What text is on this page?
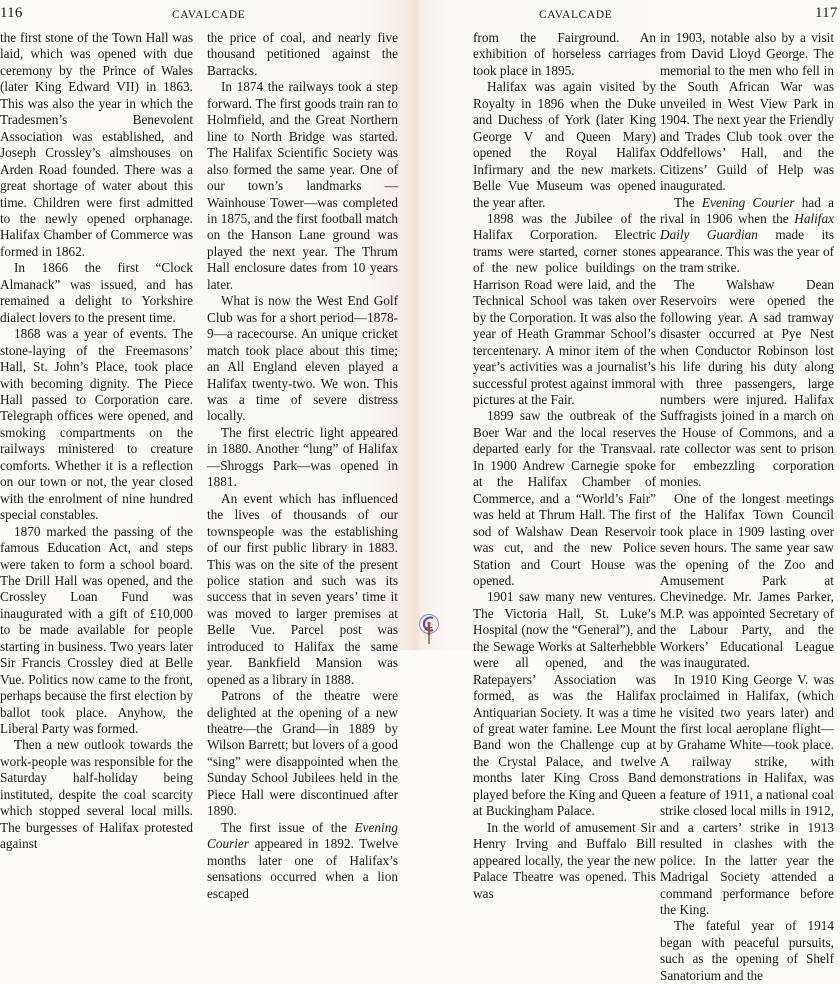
116	CAVALCADE

the first stone of the Town Hall was laid, which was opened with due ceremony by the Prince of Wales (later King Edward VII) in 1863. This was also the year in which the Tradesmen’s Benevolent Association was established, and Joseph Crossley’s almshouses on Arden Road founded. There was a great shortage of water about this time. Children were first admitted to the newly opened orphanage. Halifax Chamber of Commerce was formed in 1862.

In 1866 the first “Clock Almanack” was issued, and has remained a delight to Yorkshire dialect lovers to the present time.

1868 was a year of events. The stone-laying of the Freemasons’ Hall, St. John’s Place, took place with becoming dignity. The Piece Hall passed to Corporation care. Telegraph offices were opened, and smoking compartments on the railways ministered to creature comforts. Whether it is a reflection on our town or not, the year closed with the enrolment of nine hundred special constables.

1870 marked the passing of the famous Education Act, and steps were taken to form a school board. The Drill Hall was opened, and the Crossley Loan Fund was inaugurated with a gift of £10,000 to be made available for people starting in business. Two years later Sir Francis Crossley died at Belle Vue. Politics now came to the front, perhaps because the first election by ballot took place. Anyhow, the Liberal Party was formed.

Then a new outlook towards the work-people was responsible for the Saturday half-holiday being instituted, despite the coal scarcity which stopped several local mills. The burgesses of Halifax protested against

the price of coal, and nearly five thousand petitioned against the Barracks.

In 1874 the railways took a step forward. The first goods train ran to Holmfield, and the Great Northern line to North Bridge was started. The Halifax Scientific Society was also formed the same year. One of our town’s landmarks — Wainhouse Tower—was completed in 1875, and the first football match on the Hanson Lane ground was played the next year. The Thrum Hall enclosure dates from 10 years later.

What is now the West End Golf Club was for a short period—1878-9—a racecourse. An unique cricket match took place about this time; an All England eleven played a Halifax twenty-two. We won. This was a time of severe distress locally.

The first electric light appeared in 1880. Another “lung” of Halifax—Shroggs Park—was opened in 1881.

An event which has influenced the lives of thousands of our townspeople was the establishing of our first public library in 1883. This was on the site of the present police station and such was its success that in seven years’ time it was moved to larger premises at Belle Vue. Parcel post was introduced to Halifax the same year. Bankfield Mansion was opened as a library in 1888.

Patrons of the theatre were delighted at the opening of a new theatre—the Grand—in 1889 by Wilson Barrett; but lovers of a good “sing” were disappointed when the Sunday School Jubilees held in the Piece Hall were discontinued after 1890.

The first issue of the Evening Courier appeared in 1892. Twelve months later one of Halifax’s sensations occurred when a lion escaped

CAVALCADE	117

from the Fairground. An exhibition of horseless carriages took place in 1895.

Halifax was again visited by Royalty in 1896 when the Duke and Duchess of York (later King George V and Queen Mary) opened the Royal Halifax Infirmary and the new markets. Belle Vue Museum was opened the year after.

1898 was the Jubilee of the Halifax Corporation. Electric trams were started, corner stones of the new police buildings on Harrison Road were laid, and the Technical School was taken over by the Corporation. It was also the year of Heath Grammar School’s tercentenary. A minor item of the year’s activities was a journalist’s successful protest against immoral pictures at the Fair.

1899 saw the outbreak of the Boer War and the local reserves departed early for the Transvaal. In 1900 Andrew Carnegie spoke at the Halifax Chamber of Commerce, and a “World’s Fair” was held at Thrum Hall. The first sod of Walshaw Dean Reservoir was cut, and the new Police Station and Court House was opened.

1901 saw many new ventures. The Victoria Hall, St. Luke’s Hospital (now the “General”), and the Sewage Works at Salterhebble were all opened, and the Ratepayers’ Association was formed, as was the Halifax Antiquarian Society. It was a time of great water famine. Lee Mount Band won the Challenge cup at the Crystal Palace, and twelve months later King Cross Band played before the King and Queen at Buckingham Palace.

In the world of amusement Sir Henry Irving and Buffalo Bill appeared locally, the year the new Palace Theatre was opened. This was

in 1903, notable also by a visit from David Lloyd George. The memorial to the men who fell in the South African War was unveiled in West View Park in 1904. The next year the Friendly and Trades Club took over the Oddfellows’ Hall, and the Citizens’ Guild of Help was inaugurated.

The Evening Courier had a rival in 1906 when the Halifax Daily Guardian made its appearance. This was the year of the tram strike.

The Walshaw Dean Reservoirs were opened the following year. A sad tramway disaster occurred at Pye Nest when Conductor Robinson lost his life during his duty along with three passengers, large numbers were injured. Halifax Suffragists joined in a march on the House of Commons, and a rate collector was sent to prison for embezzling corporation monies.

One of the longest meetings of the Halifax Town Council took place in 1909 lasting over seven hours. The same year saw the opening of the Zoo and Amusement Park at Chevinedge. Mr. James Parker, M.P. was appointed Secretary of the Labour Party, and the Workers’ Educational League was inaugurated.

In 1910 King George V. was proclaimed in Halifax, (which he visited two years later) and the first local aeroplane flight—by Grahame White—took place. A railway strike, with demonstrations in Halifax, was a feature of 1911, a national coal strike closed local mills in 1912, and a carters’ strike in 1913 resulted in clashes with the police. In the latter year the Madrigal Society attended a command performance before the King.

The fateful year of 1914 began with peaceful pursuits, such as the opening of Shelf Sanatorium and the
